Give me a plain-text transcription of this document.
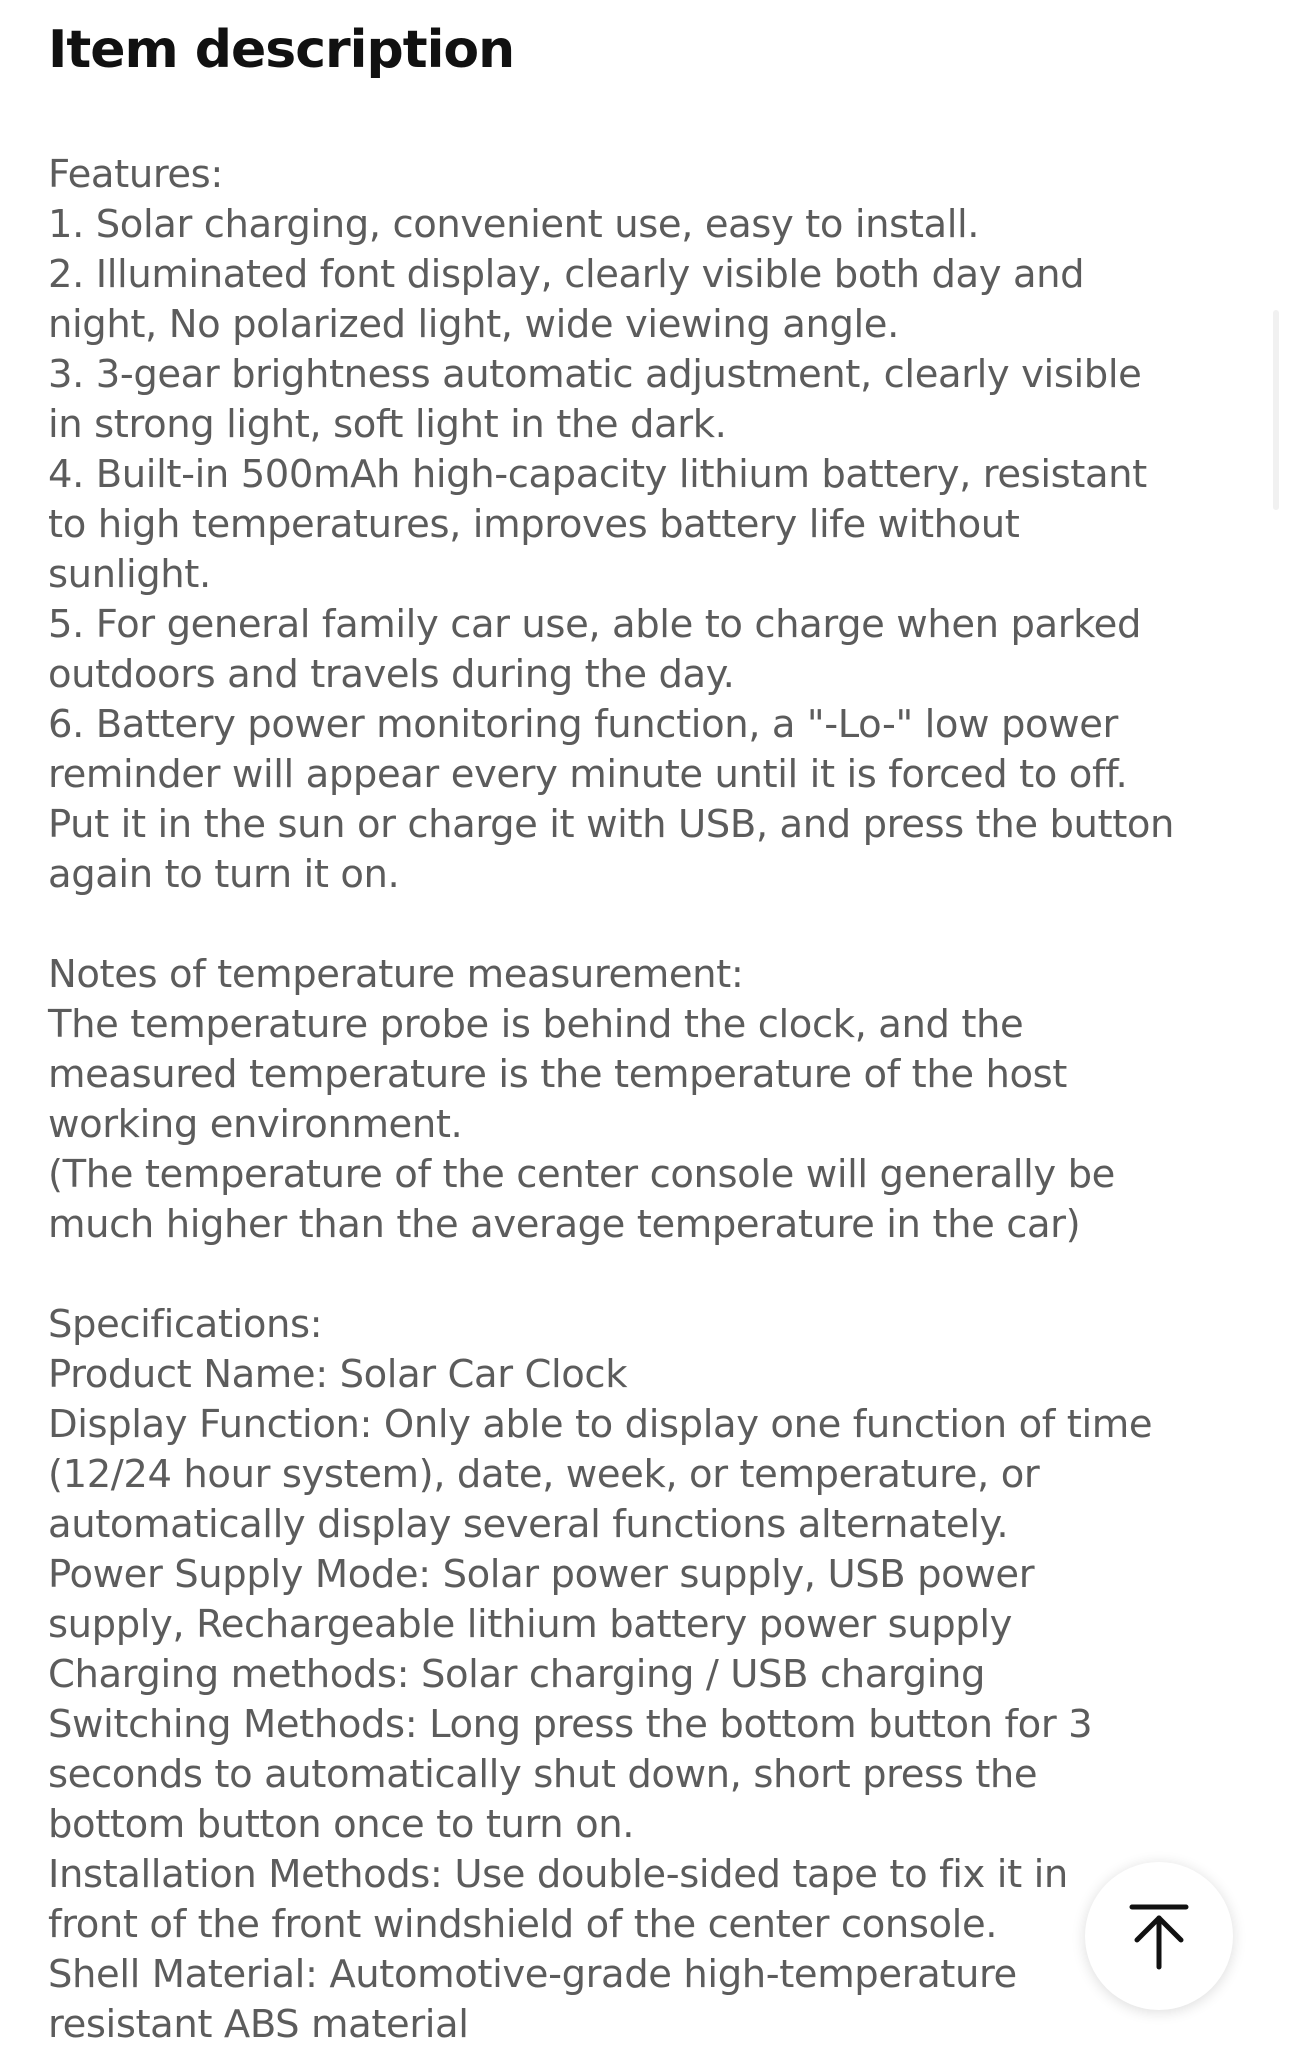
Item description
Features:
1. Solar charging, convenient use, easy to install.
2. Illuminated font display, clearly visible both day and
night, No polarized light, wide viewing angle.
3. 3-gear brightness automatic adjustment, clearly visible
in strong light, soft light in the dark.
4. Built-in 500mAh high-capacity lithium battery, resistant
to high temperatures, improves battery life without
sunlight.
5. For general family car use, able to charge when parked
outdoors and travels during the day.
6. Battery power monitoring function, a "-Lo-" low power
reminder will appear every minute until it is forced to off.
Put it in the sun or charge it with USB, and press the button
again to turn it on.
Notes of temperature measurement:
The temperature probe is behind the clock, and the
measured temperature is the temperature of the host
working environment.
(The temperature of the center console will generally be
much higher than the average temperature in the car)
Specifications:
Product Name: Solar Car Clock
Display Function: Only able to display one function of time
(12/24 hour system), date, week, or temperature, or
automatically display several functions alternately.
Power Supply Mode: Solar power supply, USB power
supply, Rechargeable lithium battery power supply
Charging methods: Solar charging / USB charging
Switching Methods: Long press the bottom button for 3
seconds to automatically shut down, short press the
bottom button once to turn on.
Installation Methods: Use double-sided tape to fix it in
front of the front windshield of the center console.
Shell Material: Automotive-grade high-temperature
resistant ABS material
